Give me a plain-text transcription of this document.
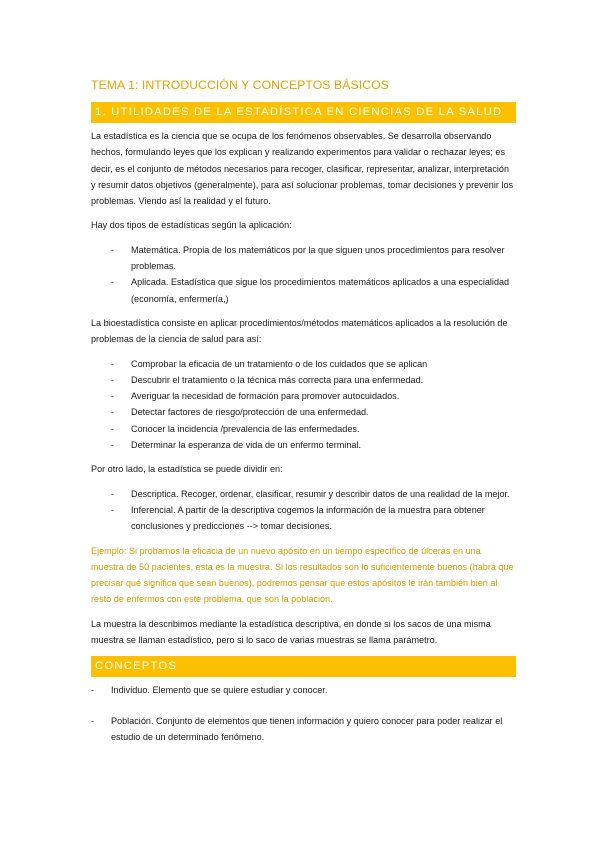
TEMA 1: INTRODUCCIÓN Y CONCEPTOS BÁSICOS
1. UTILIDADES DE LA ESTADÍSTICA EN CIENCIAS DE LA SALUD

La estadística es la ciencia que se ocupa de los fenómenos observables. Se desarrolla observando hechos, formulando leyes que los explican y realizando experimentos para validar o rechazar leyes; es decir, es el conjunto de métodos necesarios para recoger, clasificar, representar, analizar, interpretación y resumir datos objetivos (generalmente), para así solucionar problemas, tomar decisiones y prevenir los problemas. Viendo así la realidad y el futuro.

Hay dos tipos de estadísticas según la aplicación:

- Matemática. Propia de los matemáticos por la que siguen unos procedimientos para resolver problemas.
- Aplicada. Estadística que sigue los procedimientos matemáticos aplicados a una especialidad (economía, enfermería,)

La bioestadística consiste en aplicar procedimientos/métodos matemáticos aplicados a la resolución de problemas de la ciencia de salud para así:

- Comprobar la eficacia de un tratamiento o de los cuidados que se aplican
- Descubrir el tratamiento o la técnica más correcta para una enfermedad.
- Averiguar la necesidad de formación para promover autocuidados.
- Detectar factores de riesgo/protección de una enfermedad.
- Conocer la incidencia /prevalencia de las enfermedades.
- Determinar la esperanza de vida de un enfermo terminal.

Por otro lado, la estadística se puede dividir en:

- Descriptica. Recoger, ordenar, clasificar, resumir y describir datos de una realidad de la mejor.
- Inferencial. A partir de la descriptiva cogemos la información de la muestra para obtener conclusiones y predicciones --> tomar decisiones.

Ejemplo: Si probamos la eficacia de un nuevo apósito en un tiempo específico de úlceras en una muestra de 50 pacientes, esta es la muestra. Si los resultados son lo suficientemente buenos (habrá que precisar qué significa que sean buenos), podremos pensar que estos apósitos le irán también bien al resto de enfermos con este problema, que son la población.

La muestra la describimos mediante la estadística descriptiva, en donde si los sacos de una misma muestra se llaman estadístico, pero si lo saco de varias muestras se llama parámetro.

CONCEPTOS
- Individuo. Elemento que se quiere estudiar y conocer.
- Población. Conjunto de elementos que tienen información y quiero conocer para poder realizar el estudio de un determinado fenómeno.
